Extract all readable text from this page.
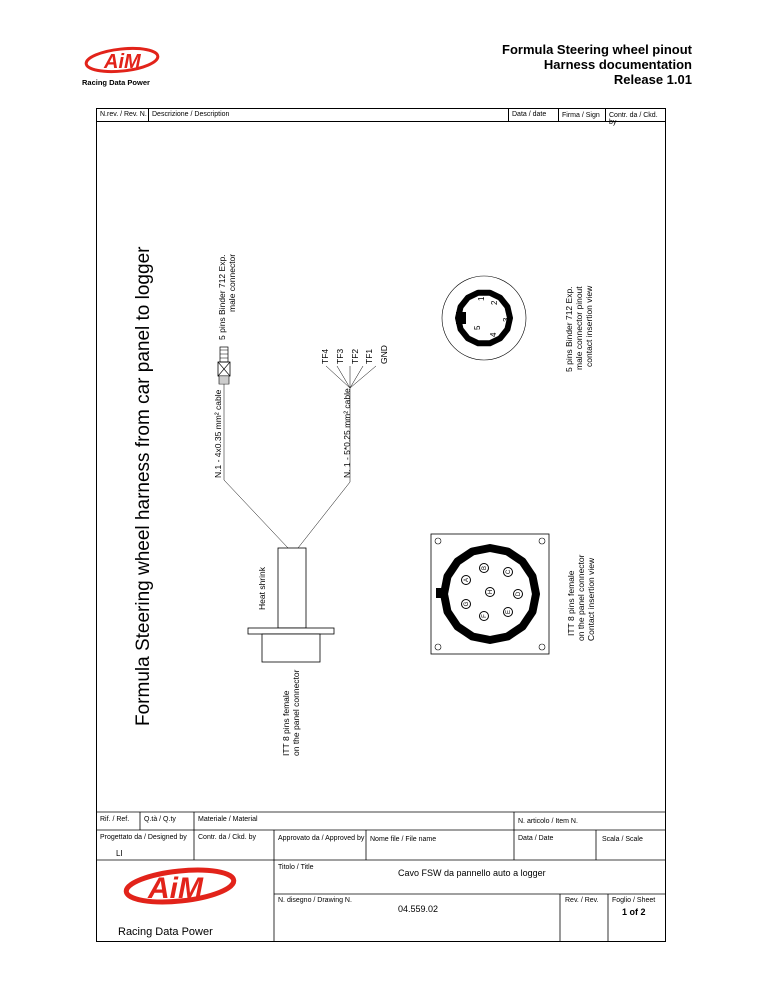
AiM
Racing Data Power
Formula Steering wheel pinout
Harness documentation
Release 1.01
N.rev. / Rev. N. Descrizione / Description	Data / date Firma / Sign Contr. da / Ckd. by
1
2
3
4
5
A
B
C
D
E
F
G
H
Formula Steering wheel harness from car panel to logger	5 pins Binder 712 Exp. male connector
N.1 - 4x0.35 mm² cable	N. 1 - 5*0.25 mm² cable
TF4 TF3 TF2 TF1 GND
Heat shrink
ITT 8 pins female on the panel connector
5 pins Binder 712 Exp. male connector pinout contact insertion view
ITT 8 pins female on the panel connector Contact insertion view
Rif. / Ref. Q.tà / Q.ty	Materiale / Material	N. articolo / Item N.
Progettato da / Designed by
LI
Contr. da / Ckd. by	Approvato da / Approved by Nome file / File name	Data / Date	Scala / Scale
Titolo / Title
Cavo FSW da pannello auto a logger
N. disegno / Drawing N.
04.559.02
Rev. / Rev. Foglio / Sheet
1 of 2
AiM
Racing Data Power
